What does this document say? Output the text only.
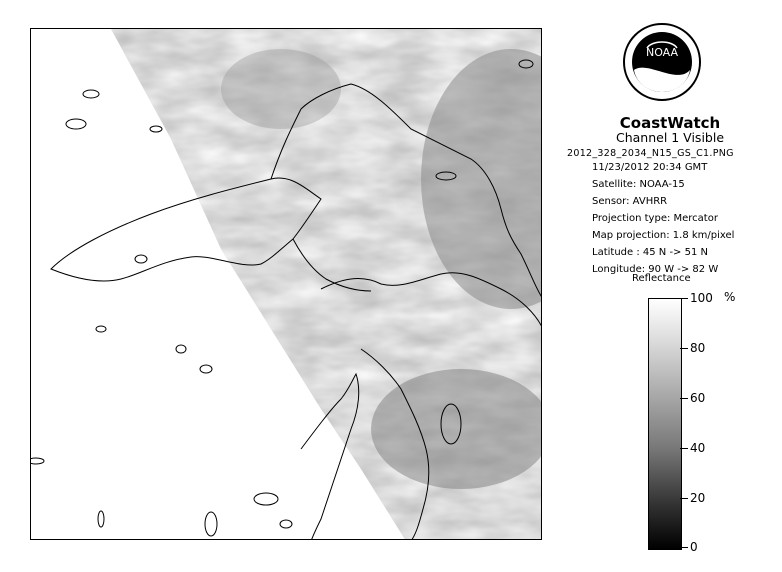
NOAA
CoastWatch
Channel 1 Visible
2012_328_2034_N15_GS_C1.PNG
11/23/2012 20:34 GMT
Satellite: NOAA-15
Sensor: AVHRR
Projection type: Mercator
Map projection: 1.8 km/pixel
Latitude : 45 N -> 51 N
Longitude: 90 W -> 82 W
Reflectance
%
100
80
60
40
20
0
